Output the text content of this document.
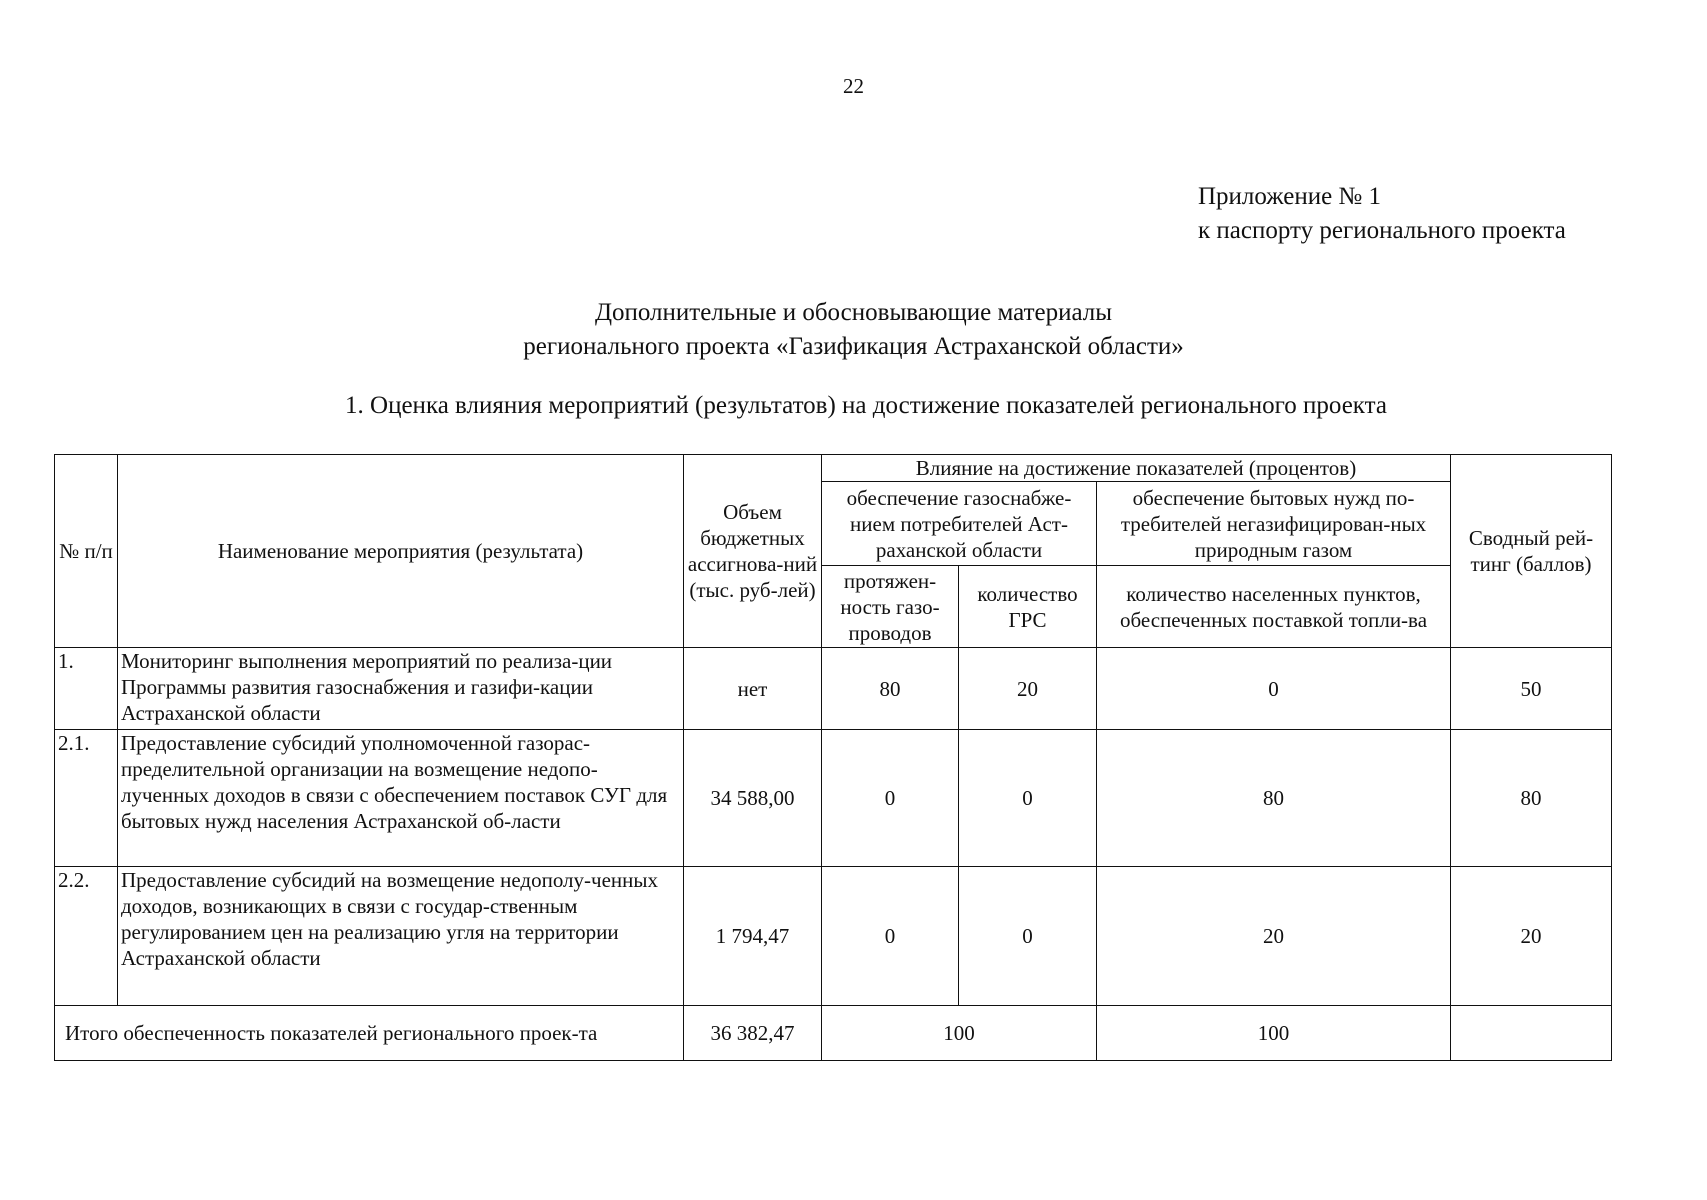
22
Приложение № 1
к паспорту регионального проекта
Дополнительные и обосновывающие материалы
регионального проекта «Газификация Астраханской области»
1. Оценка влияния мероприятий (результатов) на достижение показателей регионального проекта
№ п/п	Наименование мероприятия (результата)	Объем бюджетных ассигнова-ний (тыс. руб-лей)	Влияние на достижение показателей (процентов)			Сводный рей-тинг (баллов)
			обеспечение газоснабже-нием потребителей Аст-раханской области		обеспечение бытовых нужд по-требителей негазифицирован-ных природным газом	
			протяжен-ность газо-проводов	количество ГРС	количество населенных пунктов, обеспеченных поставкой топли-ва	
1.	Мониторинг выполнения мероприятий по реализа-ции Программы развития газоснабжения и газифи-кации Астраханской области	нет	80	20	0	50
2.1.	Предоставление субсидий уполномоченной газорас-пределительной организации на возмещение недопо-лученных доходов в связи с обеспечением поставок СУГ для бытовых нужд населения Астраханской об-ласти	34 588,00	0	0	80	80
2.2.	Предоставление субсидий на возмещение недополу-ченных доходов, возникающих в связи с государ-ственным регулированием цен на реализацию угля на территории Астраханской области	1 794,47	0	0	20	20
Итого обеспеченность показателей регионального проек-та		36 382,47	100		100	
